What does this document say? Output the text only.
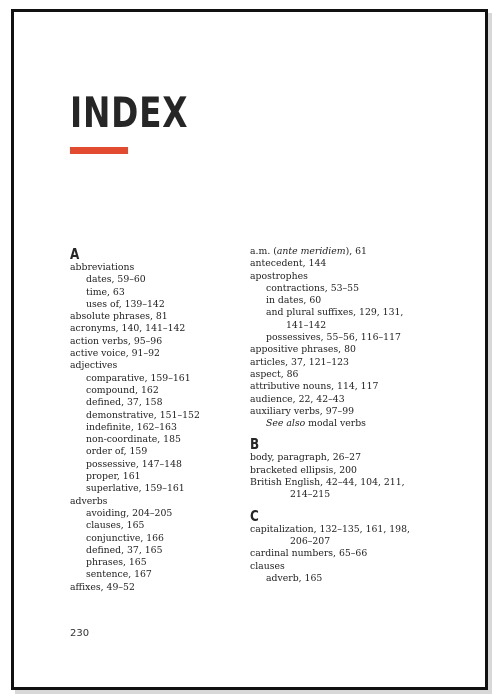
INDEX
A
abbreviations
dates, 59–60
time, 63
uses of, 139–142
absolute phrases, 81
acronyms, 140, 141–142
action verbs, 95–96
active voice, 91–92
adjectives
comparative, 159–161
compound, 162
defined, 37, 158
demonstrative, 151–152
indefinite, 162–163
non-coordinate, 185
order of, 159
possessive, 147–148
proper, 161
superlative, 159–161
adverbs
avoiding, 204–205
clauses, 165
conjunctive, 166
defined, 37, 165
phrases, 165
sentence, 167
affixes, 49–52
a.m. (ante meridiem), 61
antecedent, 144
apostrophes
contractions, 53–55
in dates, 60
and plural suffixes, 129, 131,
141–142
possessives, 55–56, 116–117
appositive phrases, 80
articles, 37, 121–123
aspect, 86
attributive nouns, 114, 117
audience, 22, 42–43
auxiliary verbs, 97–99
See also modal verbs
B
body, paragraph, 26–27
bracketed ellipsis, 200
British English, 42–44, 104, 211,
214–215
C
capitalization, 132–135, 161, 198,
206–207
cardinal numbers, 65–66
clauses
adverb, 165
230
